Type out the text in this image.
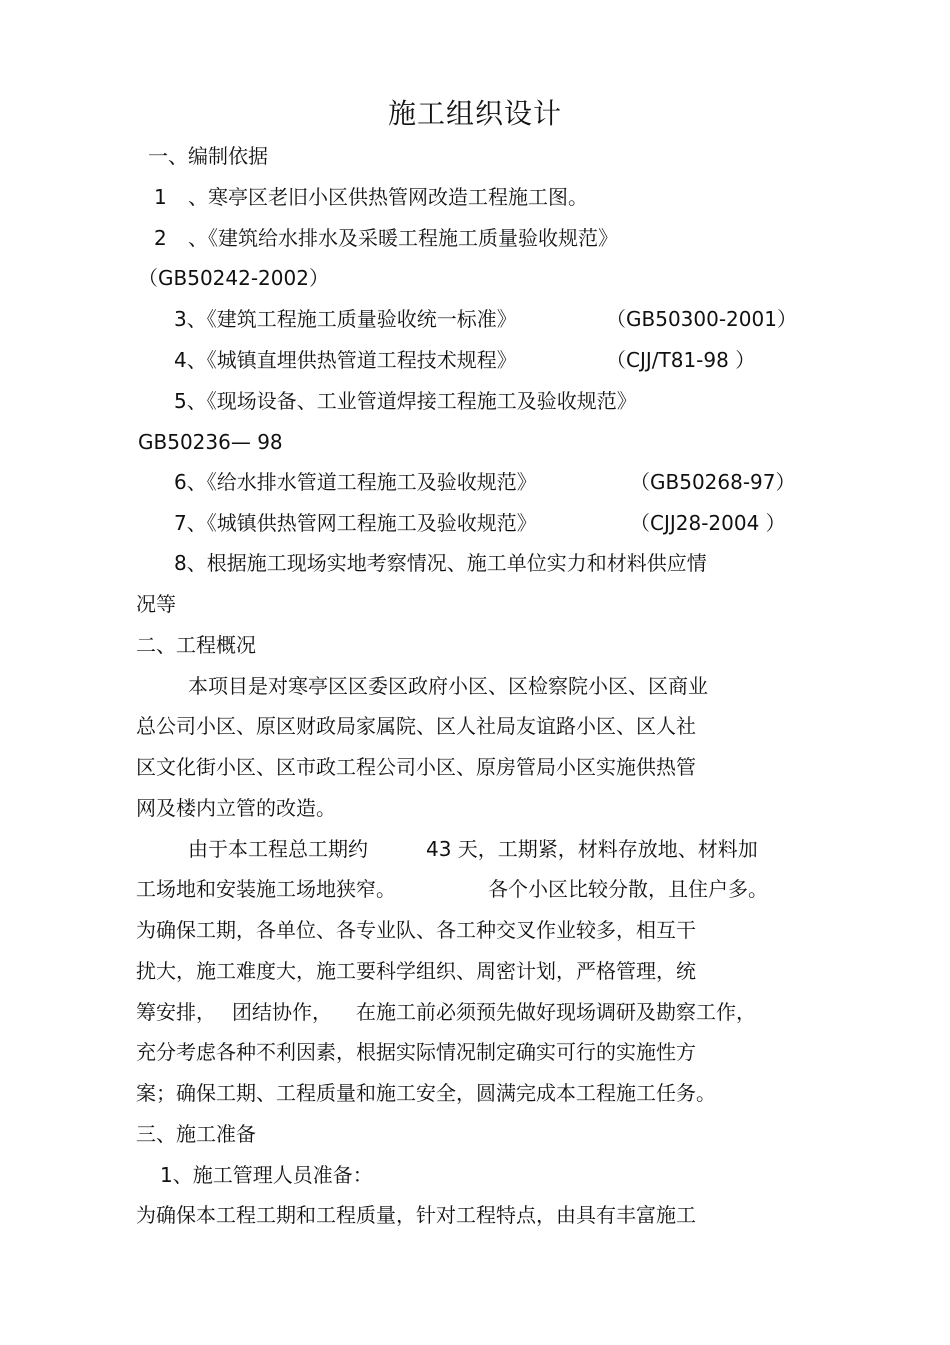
施工组织设计
一、编制依据
1 、寒亭区老旧小区供热管网改造工程施工图。
2 、《建筑给水排水及采暖工程施工质量验收规范》
（GB50242-2002）
3、《建筑工程施工质量验收统一标准》	（GB50300-2001）
4、《城镇直埋供热管道工程技术规程》	（CJJ/T81-98 ）
5、《现场设备、工业管道焊接工程施工及验收规范》
GB50236— 98
6、《给水排水管道工程施工及验收规范》	（GB50268-97）
7、《城镇供热管网工程施工及验收规范》	（CJJ28-2004 ）
8、根据施工现场实地考察情况、施工单位实力和材料供应情
况等
二、工程概况
本项目是对寒亭区区委区政府小区、区检察院小区、区商业
总公司小区、原区财政局家属院、区人社局友谊路小区、区人社
区文化街小区、区市政工程公司小区、原房管局小区实施供热管
网及楼内立管的改造。
由于本工程总工期约	43 天，工期紧，材料存放地、材料加
工场地和安装施工场地狭窄。	各个小区比较分散，且住户多。
为确保工期，各单位、各专业队、各工种交叉作业较多，相互干
扰大，施工难度大，施工要科学组织、周密计划，严格管理，统
筹安排， 团结协作， 在施工前必须预先做好现场调研及勘察工作，
充分考虑各种不利因素，根据实际情况制定确实可行的实施性方
案；确保工期、工程质量和施工安全，圆满完成本工程施工任务。
三、施工准备
1、施工管理人员准备：
为确保本工程工期和工程质量，针对工程特点，由具有丰富施工
